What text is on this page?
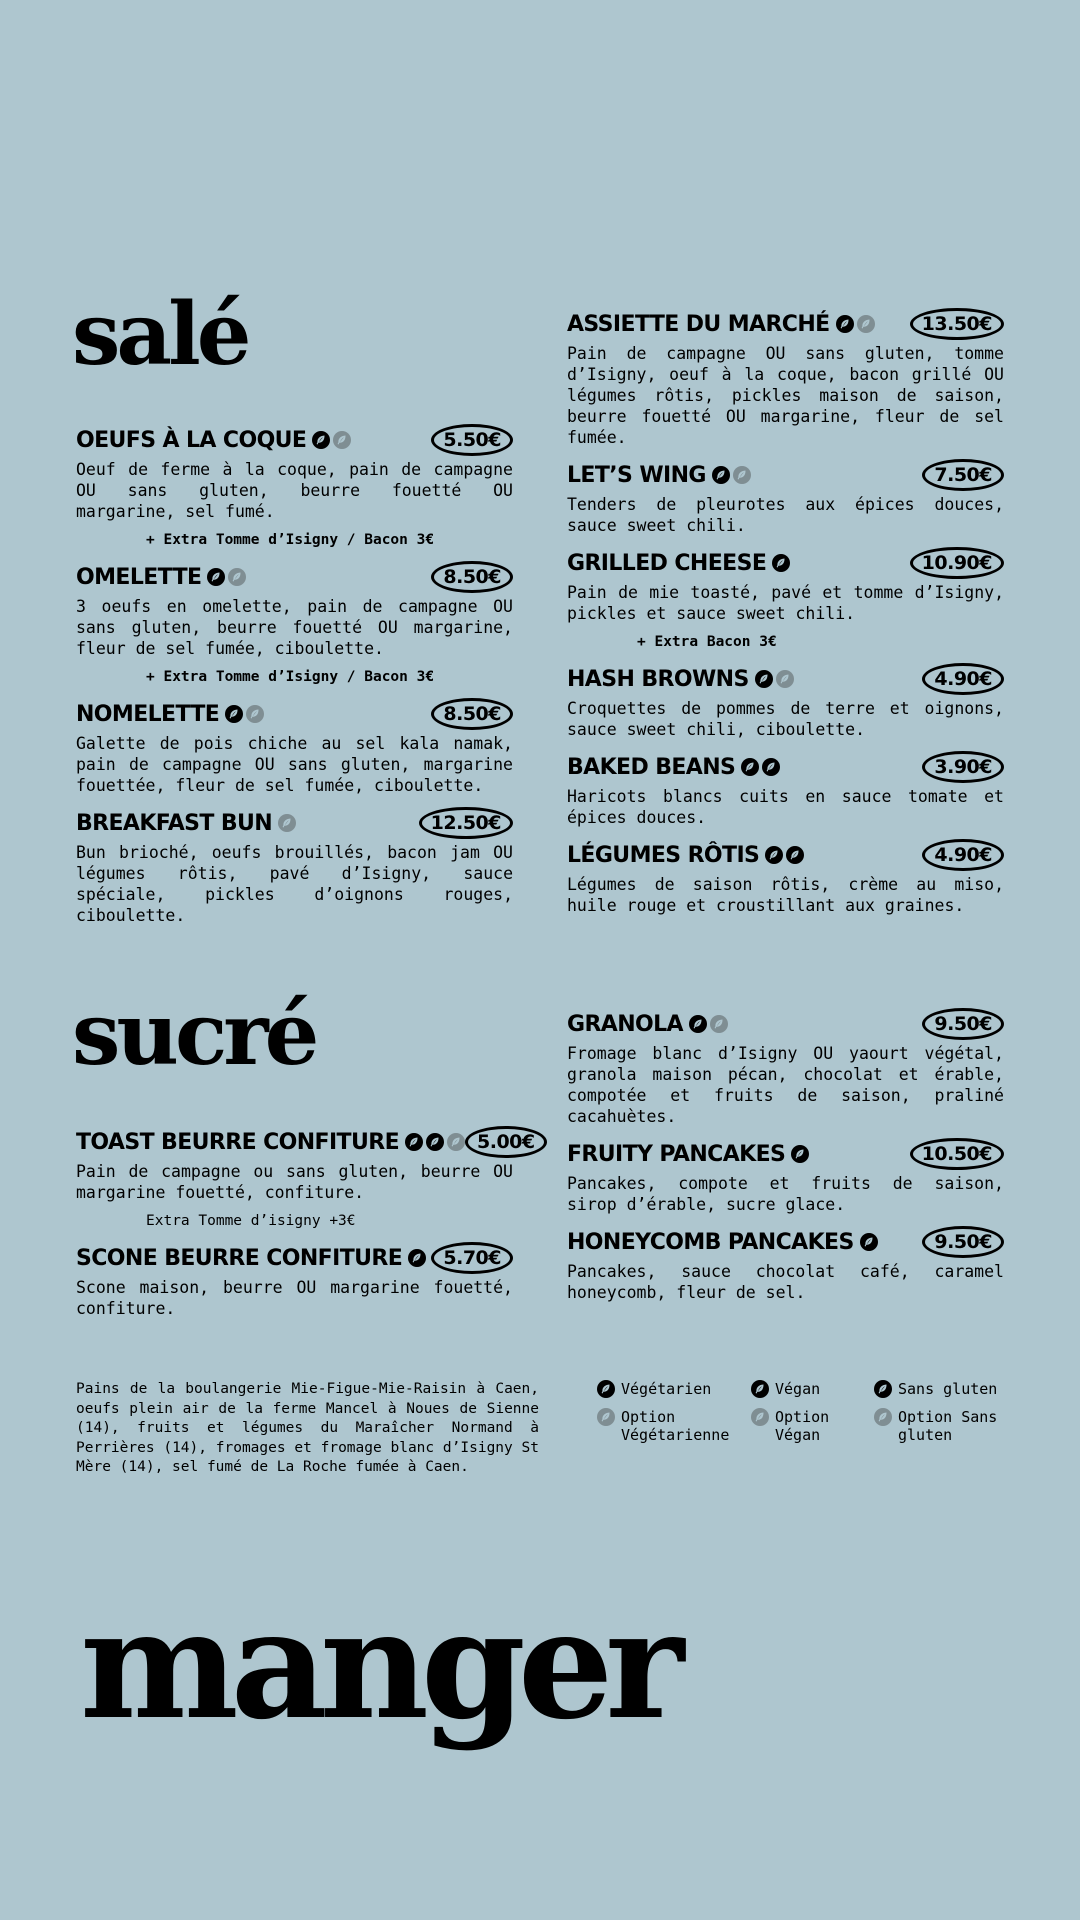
salé
OEUFS À LA COQUE	5.50€

Oeuf de ferme à la coque, pain de campagne OU sans gluten, beurre fouetté OU margarine, sel fumé.

+ Extra Tomme d’Isigny / Bacon 3€

OMELETTE	8.50€

3 oeufs en omelette, pain de campagne OU sans gluten, beurre fouetté OU margarine, fleur de sel fumée, ciboulette.

+ Extra Tomme d’Isigny / Bacon 3€

NOMELETTE	8.50€

Galette de pois chiche au sel kala namak, pain de campagne OU sans gluten, margarine fouettée, fleur de sel fumée, ciboulette.

BREAKFAST BUN	12.50€

Bun brioché, oeufs brouillés, bacon jam OU légumes rôtis, pavé d’Isigny, sauce spéciale, pickles d’oignons rouges, ciboulette.

ASSIETTE DU MARCHÉ	13.50€

Pain de campagne OU sans gluten, tomme d’Isigny, oeuf à la coque, bacon grillé OU légumes rôtis, pickles maison de saison, beurre fouetté OU margarine, fleur de sel fumée.

LET’S WING	7.50€

Tenders de pleurotes aux épices douces, sauce sweet chili.

GRILLED CHEESE	10.90€

Pain de mie toasté, pavé et tomme d’Isigny, pickles et sauce sweet chili.

+ Extra Bacon 3€

HASH BROWNS	4.90€

Croquettes de pommes de terre et oignons, sauce sweet chili, ciboulette.

BAKED BEANS	3.90€

Haricots blancs cuits en sauce tomate et épices douces.

LÉGUMES RÔTIS	4.90€

Légumes de saison rôtis, crème au miso, huile rouge et croustillant aux graines.

sucré
TOAST BEURRE CONFITURE	5.00€

Pain de campagne ou sans gluten, beurre OU margarine fouetté, confiture.

Extra Tomme d’isigny +3€

SCONE BEURRE CONFITURE	5.70€

Scone maison, beurre OU margarine fouetté, confiture.

GRANOLA	9.50€

Fromage blanc d’Isigny OU yaourt végétal, granola maison pécan, chocolat et érable, compotée et fruits de saison, praliné cacahuètes.

FRUITY PANCAKES	10.50€

Pancakes, compote et fruits de saison, sirop d’érable, sucre glace.

HONEYCOMB PANCAKES	9.50€

Pancakes, sauce chocolat café, caramel honeycomb, fleur de sel.

Pains de la boulangerie Mie-Figue-Mie-Raisin à Caen, oeufs plein air de la ferme Mancel à Noues de Sienne (14), fruits et légumes du Maraîcher Normand à Perrières (14), fromages et fromage blanc d’Isigny St Mère (14), sel fumé de La Roche fumée à Caen.

Végétarien	Végan	Sans gluten
Option Végétarienne
Option Végan
Option Sans gluten
manger
